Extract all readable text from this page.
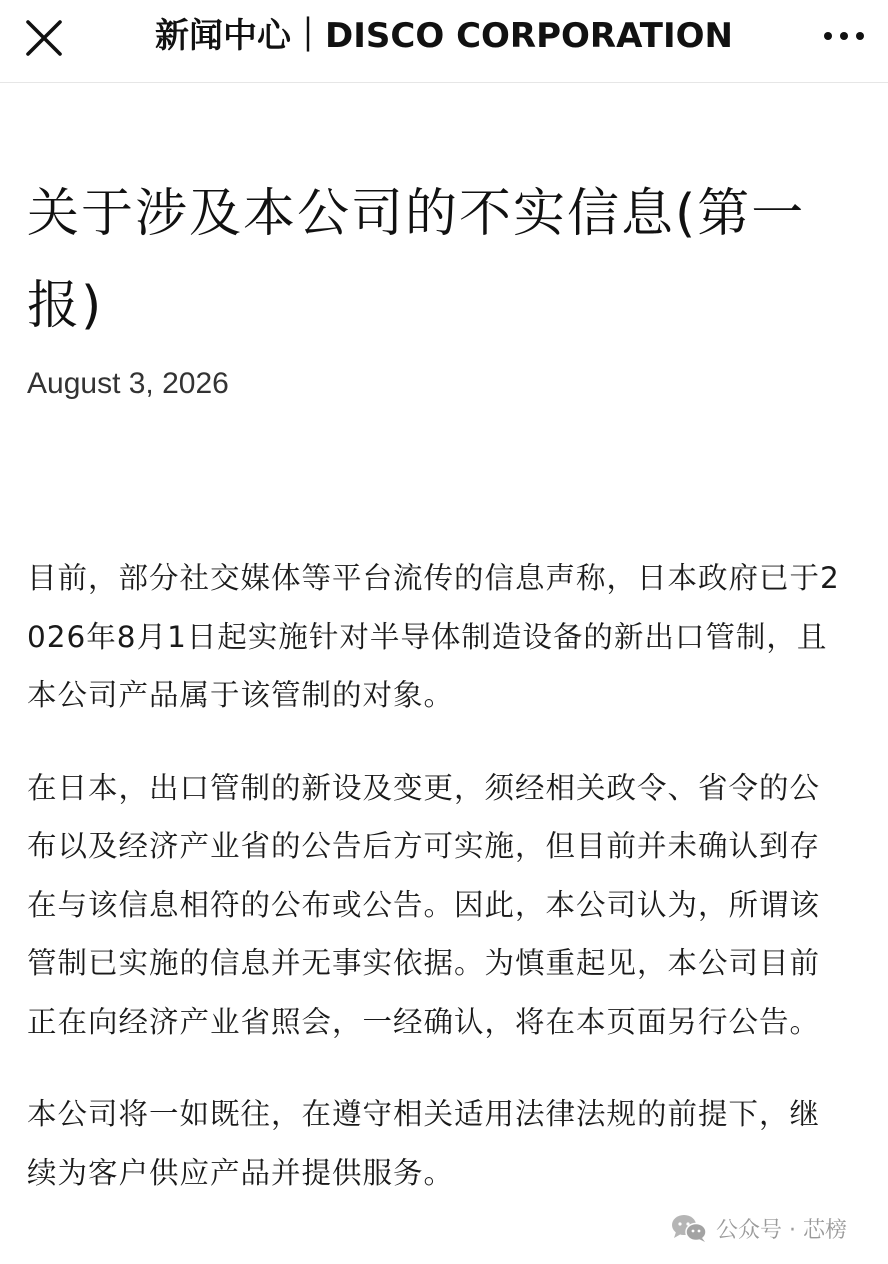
新闻中心｜DISCO CORPORATION
关于涉及本公司的不实信息(第一报)
August 3, 2026

目前，部分社交媒体等平台流传的信息声称，日本政府已于2026年8月1日起实施针对半导体制造设备的新出口管制，且本公司产品属于该管制的对象。

在日本，出口管制的新设及变更，须经相关政令、省令的公布以及经济产业省的公告后方可实施，但目前并未确认到存在与该信息相符的公布或公告。因此，本公司认为，所谓该管制已实施的信息并无事实依据。为慎重起见，本公司目前正在向经济产业省照会，一经确认，将在本页面另行公告。

本公司将一如既往，在遵守相关适用法律法规的前提下，继续为客户供应产品并提供服务。

公众号 · 芯榜
